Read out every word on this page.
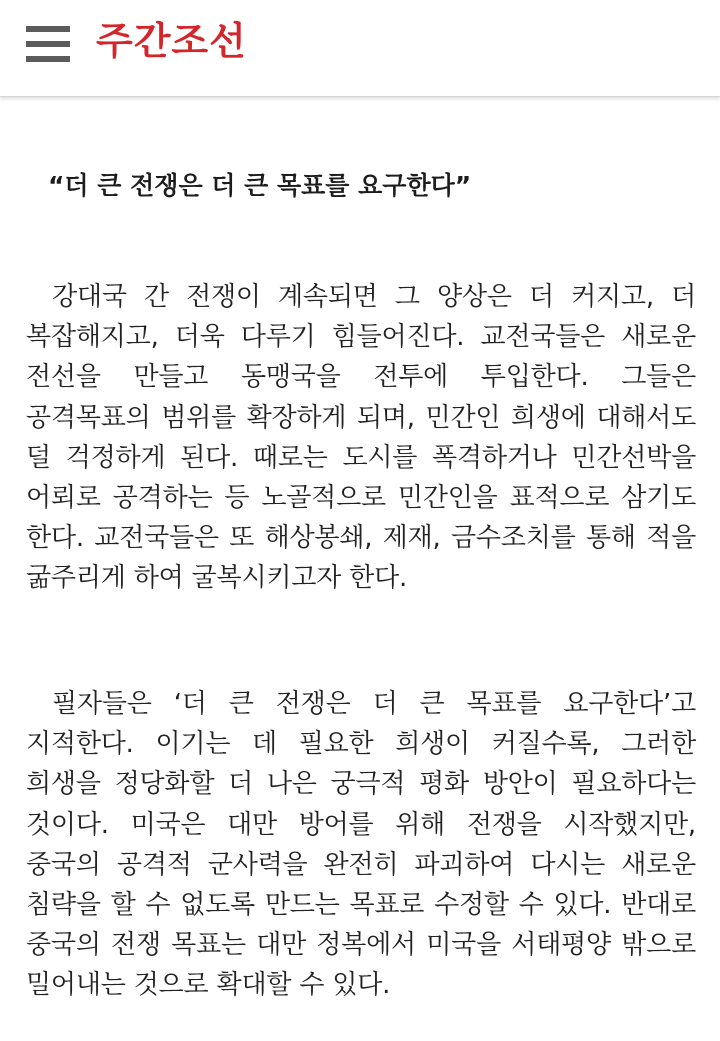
주간조선
“더 큰 전쟁은 더 큰 목표를 요구한다”

강대국 간 전쟁이 계속되면 그 양상은 더 커지고, 더 복잡해지고, 더욱 다루기 힘들어진다. 교전국들은 새로운 전선을 만들고 동맹국을 전투에 투입한다. 그들은 공격목표의 범위를 확장하게 되며, 민간인 희생에 대해서도 덜 걱정하게 된다. 때로는 도시를 폭격하거나 민간선박을 어뢰로 공격하는 등 노골적으로 민간인을 표적으로 삼기도 한다. 교전국들은 또 해상봉쇄, 제재, 금수조치를 통해 적을 굶주리게 하여 굴복시키고자 한다.

필자들은 ‘더 큰 전쟁은 더 큰 목표를 요구한다’고 지적한다. 이기는 데 필요한 희생이 커질수록, 그러한 희생을 정당화할 더 나은 궁극적 평화 방안이 필요하다는 것이다. 미국은 대만 방어를 위해 전쟁을 시작했지만, 중국의 공격적 군사력을 완전히 파괴하여 다시는 새로운 침략을 할 수 없도록 만드는 목표로 수정할 수 있다. 반대로 중국의 전쟁 목표는 대만 정복에서 미국을 서태평양 밖으로 밀어내는 것으로 확대할 수 있다.
